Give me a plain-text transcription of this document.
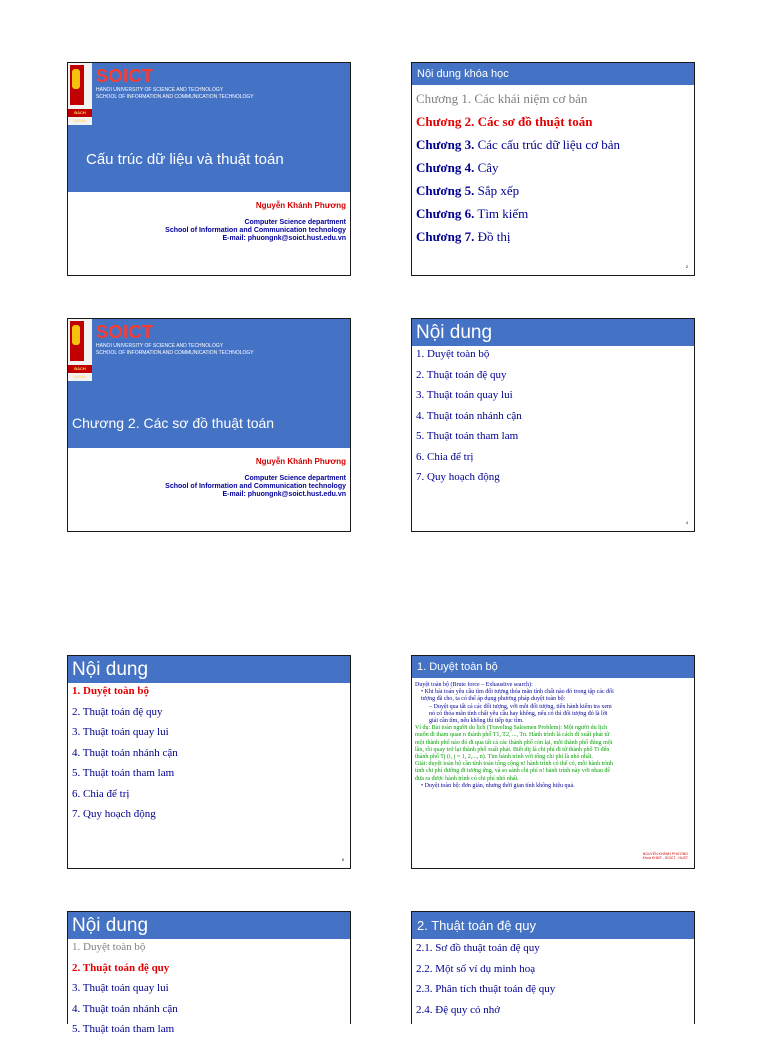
BÁCH KHOA
SOICT
HANOI UNIVERSITY OF SCIENCE AND TECHNOLOGY
SCHOOL OF INFORMATION AND COMMUNICATION TECHNOLOGY
Cấu trúc dữ liệu và thuật toán
Nguyễn Khánh Phương
Computer Science department
School of Information and Communication technology
E-mail: phuongnk@soict.hust.edu.vn
Nội dung khóa học
Chương 1. Các khái niệm cơ bản
Chương 2. Các sơ đồ thuật toán
Chương 3. Các cấu trúc dữ liệu cơ bản
Chương 4. Cây
Chương 5. Sắp xếp
Chương 6. Tìm kiếm
Chương 7. Đồ thị
2
BÁCH KHOA
SOICT
HANOI UNIVERSITY OF SCIENCE AND TECHNOLOGY
SCHOOL OF INFORMATION AND COMMUNICATION TECHNOLOGY
Chương 2. Các sơ đồ thuật toán
Nguyễn Khánh Phương
Computer Science department
School of Information and Communication technology
E-mail: phuongnk@soict.hust.edu.vn
Nội dung
1. Duyệt toàn bộ
2. Thuật toán đệ quy
3. Thuật toán quay lui
4. Thuật toán nhánh cận
5. Thuật toán tham lam
6. Chia để trị
7. Quy hoạch động
4
Nội dung
1. Duyệt toàn bộ
2. Thuật toán đệ quy
3. Thuật toán quay lui
4. Thuật toán nhánh cận
5. Thuật toán tham lam
6. Chia để trị
7. Quy hoạch động
5
1. Duyệt toàn bộ

Duyệt toàn bộ (Brute force – Exhaustive search):

• Khi bài toán yêu cầu tìm đối tượng thỏa mãn tính chất nào đó trong tập các đối

tượng đã cho, ta có thể áp dụng phương pháp duyệt toàn bộ:

– Duyệt qua tất cả các đối tượng, với mỗi đối tượng, tiến hành kiểm tra xem

nó có thỏa mãn tính chất yêu cầu hay không, nếu có thì đối tượng đó là lời

giải cần tìm, nếu không thì tiếp tục tìm.

Ví dụ: Bài toán người du lịch (Traveling Salesmen Problem): Một người du lịch

muốn đi tham quan n thành phố T1, T2, ..., Tn. Hành trình là cách đi xuất phát từ

một thành phố nào đó đi qua tất cả các thành phố còn lại, mỗi thành phố đúng một

lần, rồi quay trở lại thành phố xuất phát. Biết dij là chi phí đi từ thành phố Ti đến

thành phố Tj (i, j = 1, 2,..., n). Tìm hành trình với tổng chi phí là nhỏ nhất.

Giải: duyệt toàn bộ cần tính toán tổng cộng n! hành trình có thể có, mỗi hành trình

tính chi phí đường đi tương ứng, và so sánh chi phí n! hành trình này với nhau để

đưa ra được hành trình có chi phí nhỏ nhất.

• Duyệt toàn bộ: đơn giản, nhưng thời gian tính không hiệu quả.

NGUYỄN KHÁNH PHƯƠNG
Khoa KHMT - SOICT - HUST
Nội dung
1. Duyệt toàn bộ
2. Thuật toán đệ quy
3. Thuật toán quay lui
4. Thuật toán nhánh cận
5. Thuật toán tham lam
2. Thuật toán đệ quy
2.1. Sơ đồ thuật toán đệ quy
2.2. Một số ví dụ minh hoạ
2.3. Phân tích thuật toán đệ quy
2.4. Đệ quy có nhớ
